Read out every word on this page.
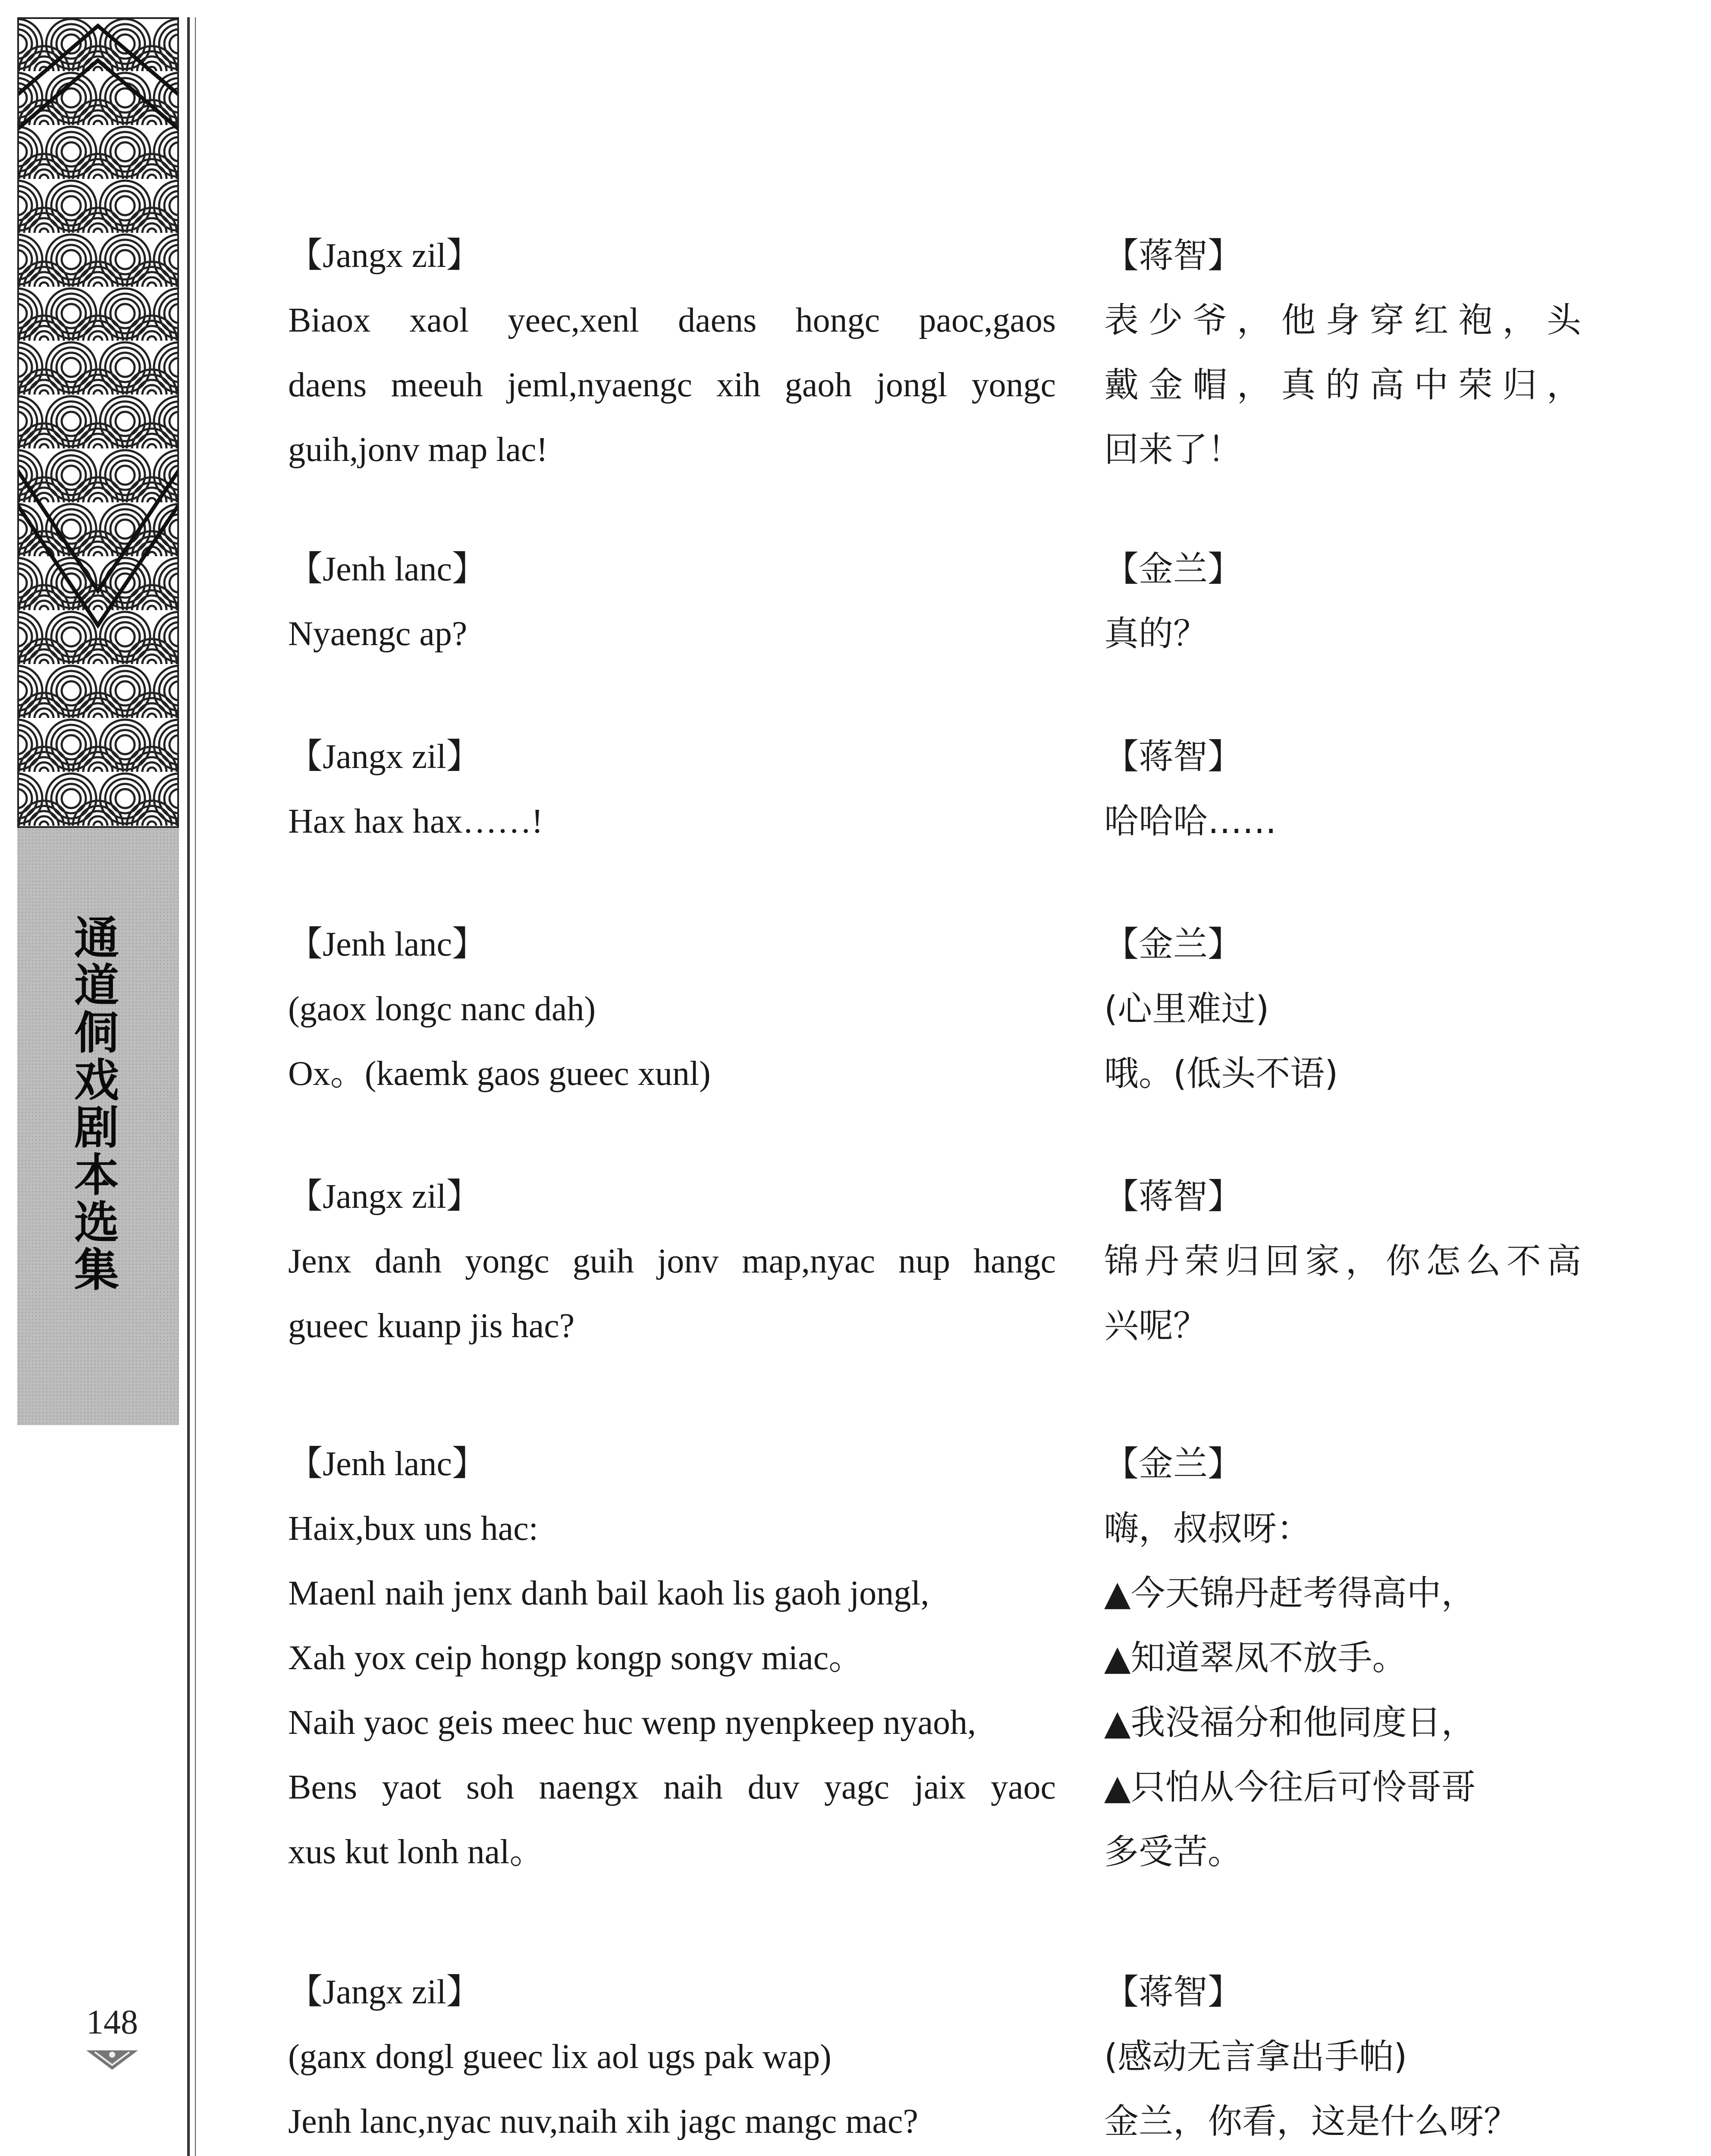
通道侗戏剧本选集
148
【Jangx zil】
Biaox xaol yeec,xenl daens hongc paoc,gaos
daens meeuh jeml,nyaengc xih gaoh jongl yongc
guih,jonv map lac!
【蒋智】
表少爷，他身穿红袍，头
戴金帽，真的高中荣归，
回来了！
【Jenh lanc】
Nyaengc ap?
【金兰】
真的？
【Jangx zil】
Hax hax hax……!
【蒋智】
哈哈哈……
【Jenh lanc】
(gaox longc nanc dah)
Ox。(kaemk gaos gueec xunl)
【金兰】
(心里难过)
哦。(低头不语)
【Jangx zil】
Jenx danh yongc guih jonv map,nyac nup hangc
gueec kuanp jis hac?
【蒋智】
锦丹荣归回家，你怎么不高
兴呢？
【Jenh lanc】
Haix,bux uns hac:
Maenl naih jenx danh bail kaoh lis gaoh jongl,
Xah yox ceip hongp kongp songv miac。
Naih yaoc geis meec huc wenp nyenpkeep nyaoh,
Bens yaot soh naengx naih duv yagc jaix yaoc
xus kut lonh nal。
【金兰】
嗨，叔叔呀：
▲今天锦丹赶考得高中，
▲知道翠凤不放手。
▲我没福分和他同度日，
▲只怕从今往后可怜哥哥
多受苦。
【Jangx zil】
(ganx dongl gueec lix aol ugs pak wap)
Jenh lanc,nyac nuv,naih xih jagc mangc mac?
【蒋智】
(感动无言拿出手帕)
金兰，你看，这是什么呀？
